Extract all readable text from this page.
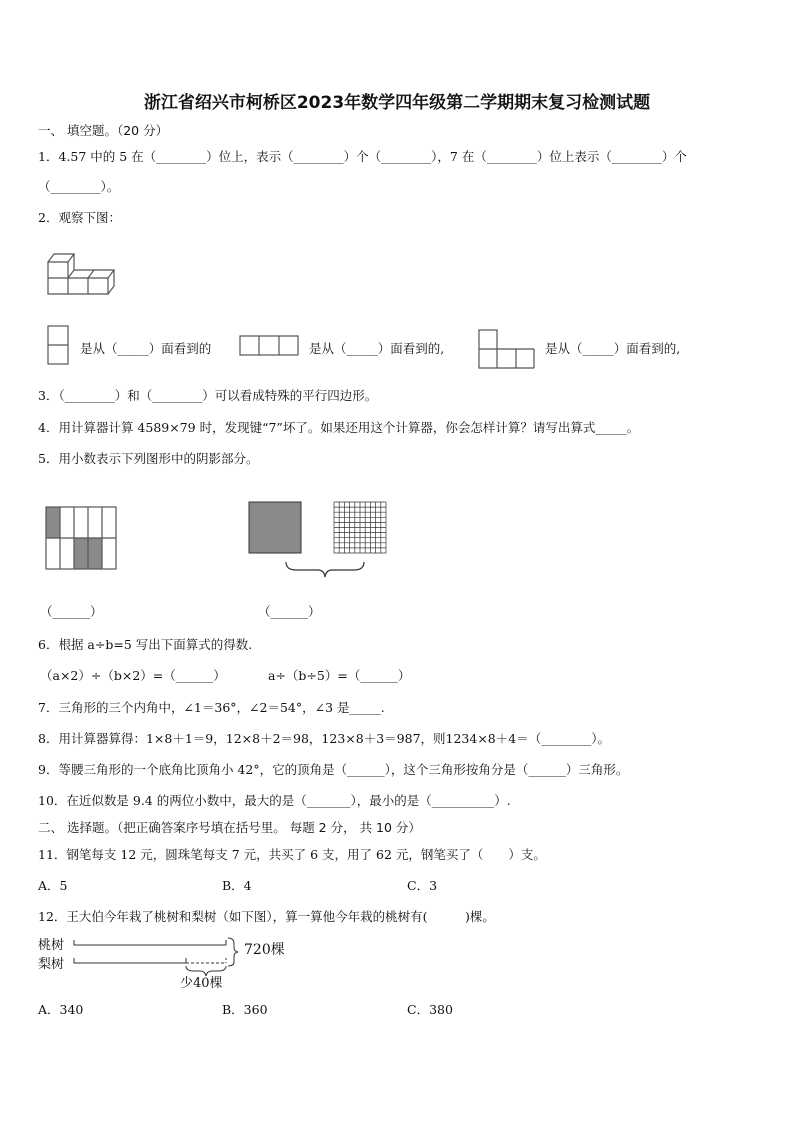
浙江省绍兴市柯桥区2023年数学四年级第二学期期末复习检测试题
一、 填空题。（20 分）
1．4.57 中的 5 在（________）位上，表示（________）个（________），7 在（________）位上表示（________）个
（________）。
2．观察下图：
是从（_____）面看到的	是从（_____）面看到的,	是从（_____）面看到的,
3．（________）和（________）可以看成特殊的平行四边形。
4．用计算器计算 4589×79 时，发现键“7”坏了。如果还用这个计算器，你会怎样计算？请写出算式_____。
5．用小数表示下列图形中的阴影部分。
（______）	（______）
6．根据 a÷b=5 写出下面算式的得数.
（a×2）÷（b×2）=（______）	a÷（b÷5）=（______）
7．三角形的三个内角中，∠1＝36°，∠2＝54°，∠3 是_____.
8．用计算器算得：1×8＋1＝9，12×8＋2＝98，123×8＋3＝987，则1234×8＋4＝（________）。
9．等腰三角形的一个底角比顶角小 42°，它的顶角是（______），这个三角形按角分是（______）三角形。
10．在近似数是 9.4 的两位小数中，最大的是（_______），最小的是（__________）.
二、 选择题。（把正确答案序号填在括号里。 每题 2 分， 共 10 分）
11．钢笔每支 12 元，圆珠笔每支 7 元，共买了 6 支，用了 62 元，钢笔买了（　　）支。
A．5	B．4	C．3
12．王大伯今年栽了桃树和梨树（如下图），算一算他今年栽的桃树有(　　　)棵。
桃树
梨树
720棵
少40棵
A．340	B．360	C．380
